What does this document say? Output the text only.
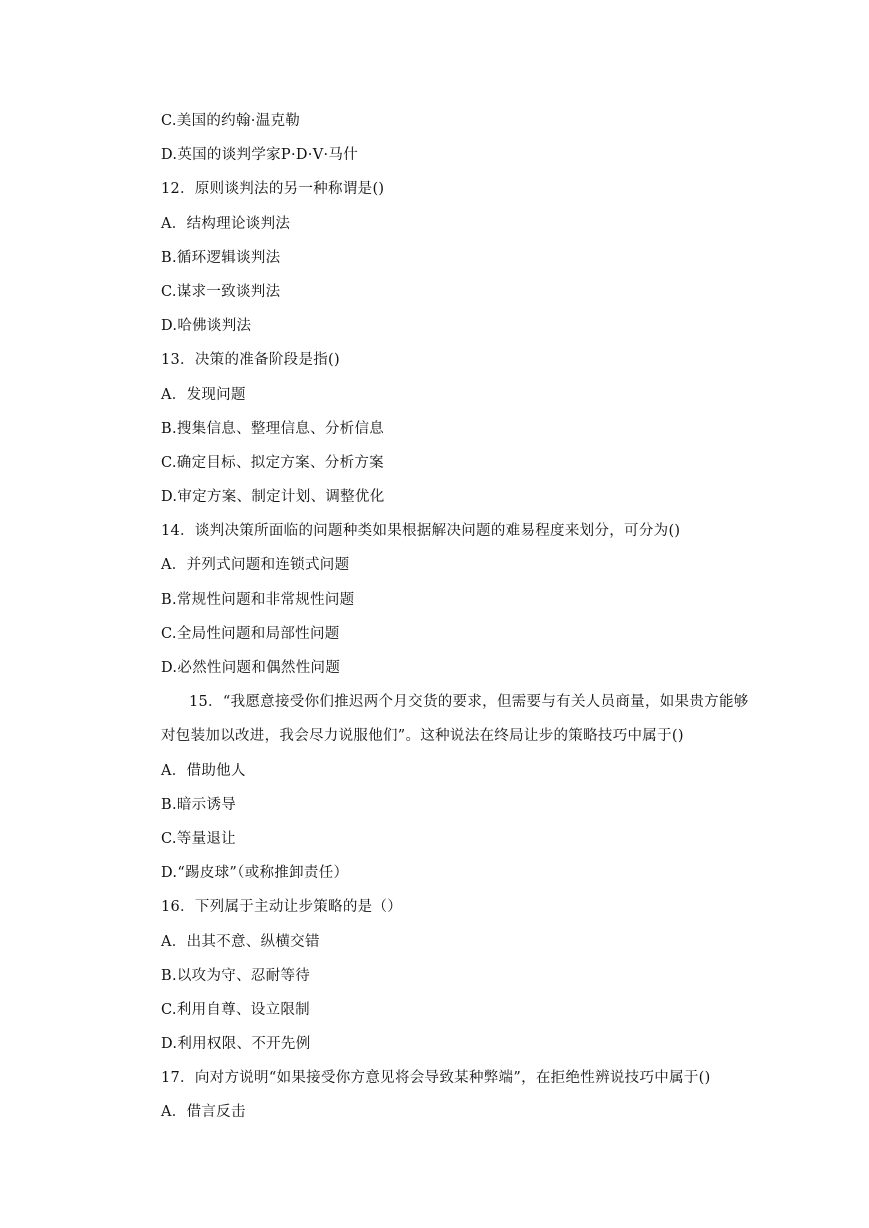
C.美国的约翰·温克勒
D.英国的谈判学家P·D·V·马什
12．原则谈判法的另一种称谓是()
A．结构理论谈判法
B.循环逻辑谈判法
C.谋求一致谈判法
D.哈佛谈判法
13．决策的准备阶段是指()
A．发现问题
B.搜集信息、整理信息、分析信息
C.确定目标、拟定方案、分析方案
D.审定方案、制定计划、调整优化
14．谈判决策所面临的问题种类如果根据解决问题的难易程度来划分，可分为()
A．并列式问题和连锁式问题
B.常规性问题和非常规性问题
C.全局性问题和局部性问题
D.必然性问题和偶然性问题
15．“我愿意接受你们推迟两个月交货的要求，但需要与有关人员商量，如果贵方能够
对包装加以改进，我会尽力说服他们”。这种说法在终局让步的策略技巧中属于()
A．借助他人
B.暗示诱导
C.等量退让
D.“踢皮球”（或称推卸责任）
16．下列属于主动让步策略的是（）
A．出其不意、纵横交错
B.以攻为守、忍耐等待
C.利用自尊、设立限制
D.利用权限、不开先例
17．向对方说明“如果接受你方意见将会导致某种弊端”，在拒绝性辨说技巧中属于()
A．借言反击
